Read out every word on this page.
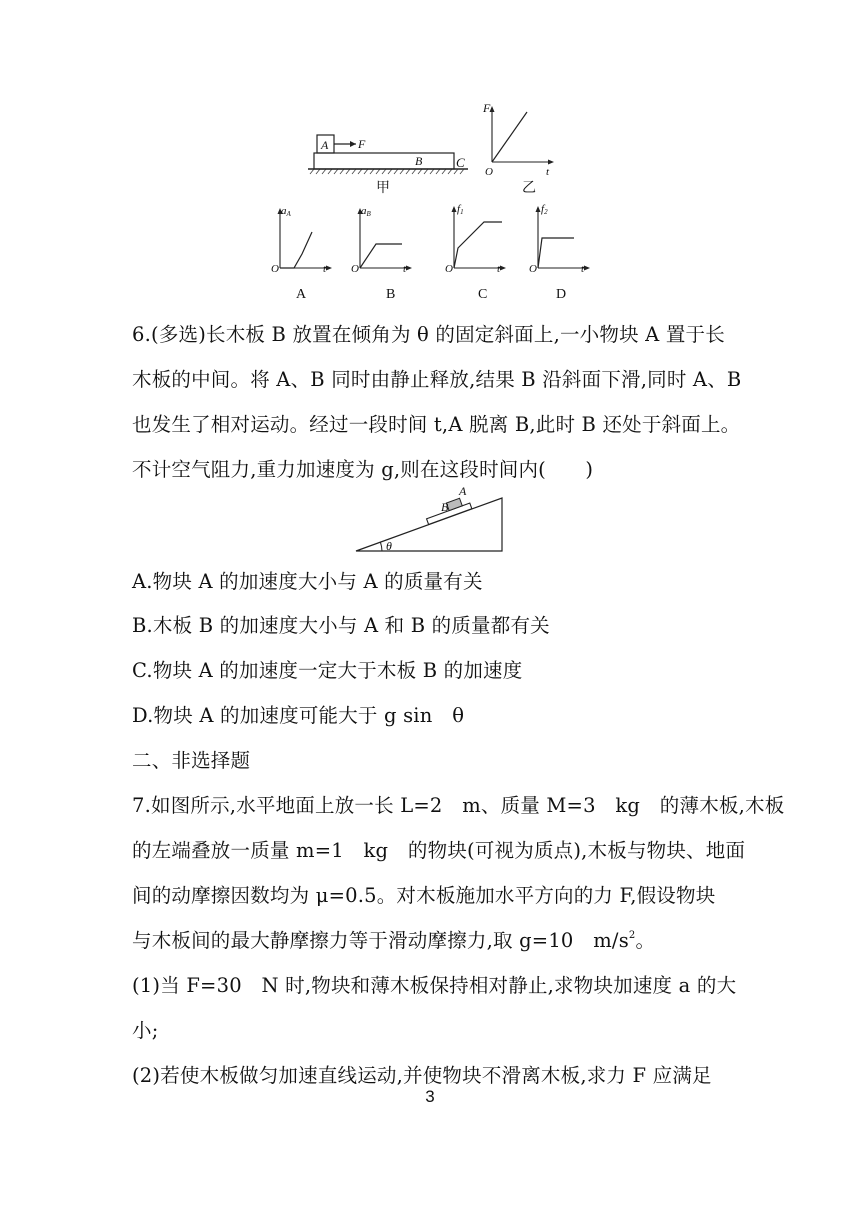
A F
B	C
甲
F
O	t
乙
aA
O	t
A
aB
O	t
B
f1
O	t
C
f2
O	t
D
6.(多选)长木板 B 放置在倾角为 θ 的固定斜面上,一小物块 A 置于长
木板的中间。将 A、B 同时由静止释放,结果 B 沿斜面下滑,同时 A、B
也发生了相对运动。经过一段时间 t,A 脱离 B,此时 B 还处于斜面上。
不计空气阻力,重力加速度为 g,则在这段时间内(　　)
θ
B
A
A.物块 A 的加速度大小与 A 的质量有关
B.木板 B 的加速度大小与 A 和 B 的质量都有关
C.物块 A 的加速度一定大于木板 B 的加速度
D.物块 A 的加速度可能大于 g sin　θ
二、非选择题
7.如图所示,水平地面上放一长 L=2　m、质量 M=3　kg　的薄木板,木板
的左端叠放一质量 m=1　kg　的物块(可视为质点),木板与物块、地面
间的动摩擦因数均为 μ=0.5。对木板施加水平方向的力 F,假设物块
与木板间的最大静摩擦力等于滑动摩擦力,取 g=10　$m/s^2$。
(1)当 F=30　N 时,物块和薄木板保持相对静止,求物块加速度 a 的大
小;
(2)若使木板做匀加速直线运动,并使物块不滑离木板,求力 F 应满足
3
